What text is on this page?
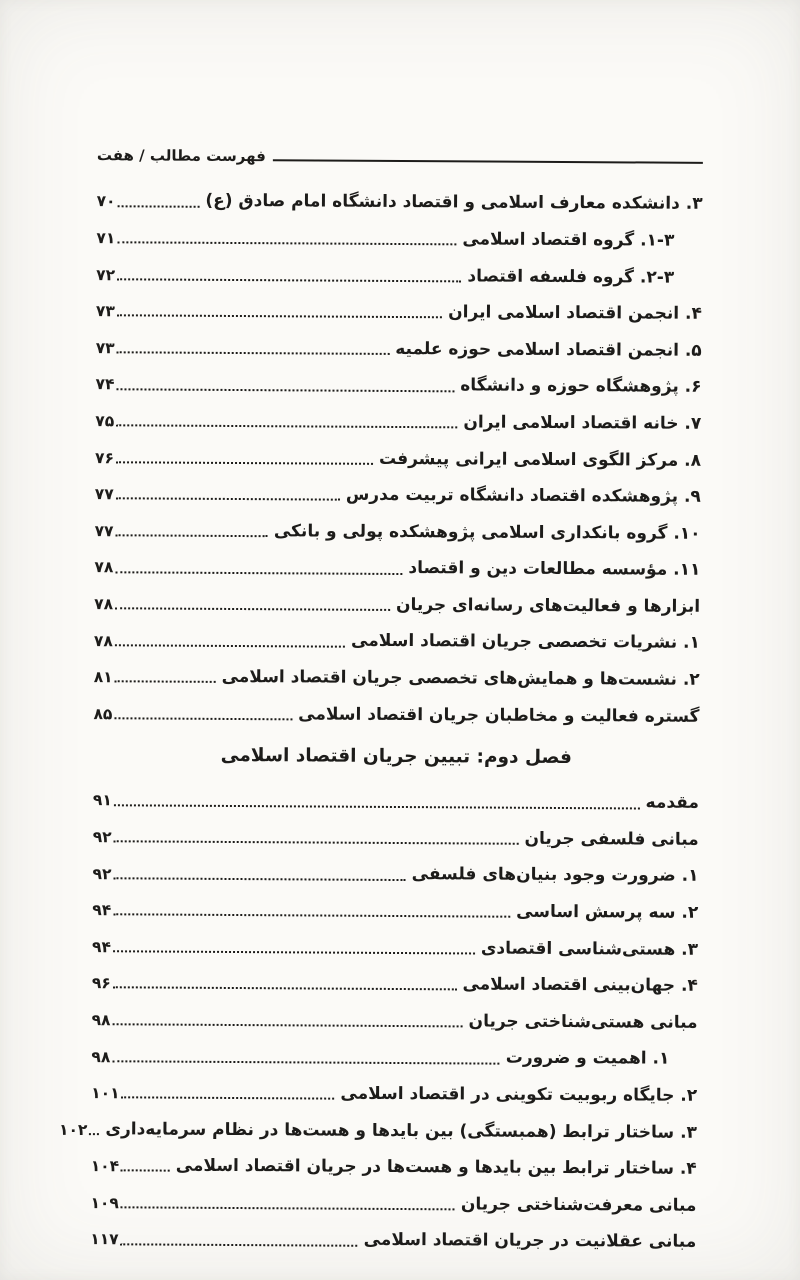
فهرست مطالب / هفت
۳. دانشکده معارف اسلامی و اقتصاد دانشگاه امام صادق (ع)
۷۰
۱-۳. گروه اقتصاد اسلامی
۷۱
۲-۳. گروه فلسفه اقتصاد
۷۲
۴. انجمن اقتصاد اسلامی ایران
۷۳
۵. انجمن اقتصاد اسلامی حوزه علمیه
۷۳
۶. پژوهشگاه حوزه و دانشگاه
۷۴
۷. خانه اقتصاد اسلامی ایران
۷۵
۸. مرکز الگوی اسلامی ایرانی پیشرفت
۷۶
۹. پژوهشکده اقتصاد دانشگاه تربیت مدرس
۷۷
۱۰. گروه بانکداری اسلامی پژوهشکده پولی و بانکی
۷۷
۱۱. مؤسسه مطالعات دین و اقتصاد
۷۸
ابزارها و فعالیت‌های رسانه‌ای جریان
۷۸
۱. نشریات تخصصی جریان اقتصاد اسلامی
۷۸
۲. نشست‌ها و همایش‌های تخصصی جریان اقتصاد اسلامی
۸۱
گستره فعالیت و مخاطبان جریان اقتصاد اسلامی
۸۵
فصل دوم: تبیین جریان اقتصاد اسلامی
مقدمه
۹۱
مبانی فلسفی جریان
۹۲
۱. ضرورت وجود بنیان‌های فلسفی
۹۲
۲. سه پرسش اساسی
۹۴
۳. هستی‌شناسی اقتصادی
۹۴
۴. جهان‌بینی اقتصاد اسلامی
۹۶
مبانی هستی‌شناختی جریان
۹۸
۱. اهمیت و ضرورت
۹۸
۲. جایگاه ربوبیت تکوینی در اقتصاد اسلامی
۱۰۱
۳. ساختار ترابط (همبستگی) بین بایدها و هست‌ها در نظام سرمایه‌داری
۱۰۲
۴. ساختار ترابط بین بایدها و هست‌ها در جریان اقتصاد اسلامی
۱۰۴
مبانی معرفت‌شناختی جریان
۱۰۹
مبانی عقلانیت در جریان اقتصاد اسلامی
۱۱۷
